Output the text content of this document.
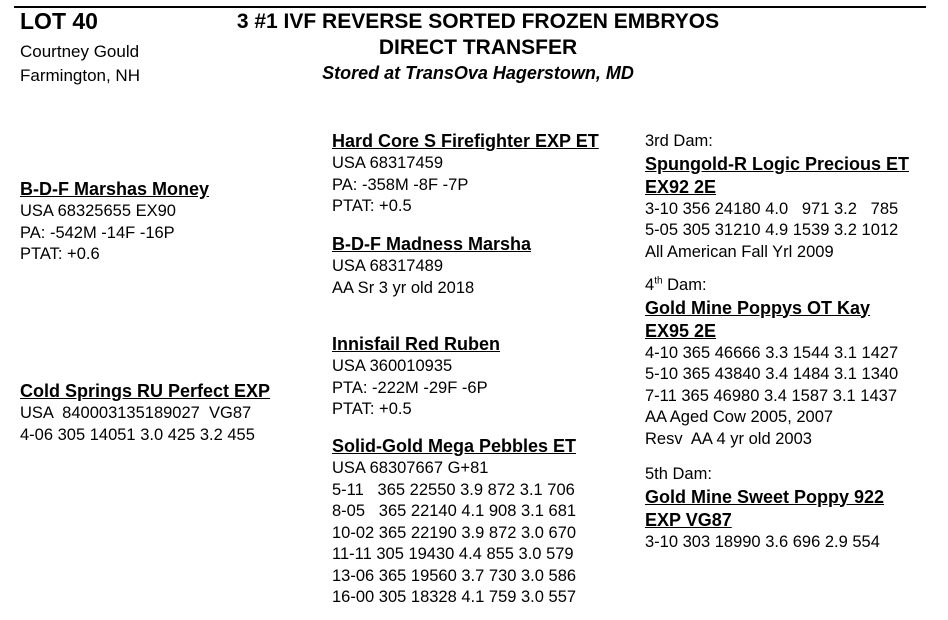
LOT 40
Courtney Gould
Farmington, NH
3 #1 IVF REVERSE SORTED FROZEN EMBRYOS
DIRECT TRANSFER
Stored at TransOva Hagerstown, MD
B-D-F Marshas Money
USA 68325655 EX90
PA: -542M -14F -16P
PTAT: +0.6
Hard Core S Firefighter EXP ET
USA 68317459
PA: -358M -8F -7P
PTAT: +0.5
B-D-F Madness Marsha
USA 68317489
AA Sr 3 yr old 2018
Cold Springs RU Perfect EXP
USA  840003135189027  VG87
4-06 305 14051 3.0 425 3.2 455
Innisfail Red Ruben
USA 360010935
PTA: -222M -29F -6P
PTAT: +0.5
Solid-Gold Mega Pebbles ET
USA 68307667 G+81
5-11   365 22550 3.9 872 3.1 706
8-05   365 22140 4.1 908 3.1 681
10-02 365 22190 3.9 872 3.0 670
11-11 305 19430 4.4 855 3.0 579
13-06 365 19560 3.7 730 3.0 586
16-00 305 18328 4.1 759 3.0 557
3rd Dam:
Spungold-R Logic Precious ET
EX92 2E
3-10 356 24180 4.0   971 3.2   785
5-05 305 31210 4.9 1539 3.2 1012
All American Fall Yrl 2009
4th Dam:
Gold Mine Poppys OT Kay
EX95 2E
4-10 365 46666 3.3 1544 3.1 1427
5-10 365 43840 3.4 1484 3.1 1340
7-11 365 46980 3.4 1587 3.1 1437
AA Aged Cow 2005, 2007
Resv  AA 4 yr old 2003
5th Dam:
Gold Mine Sweet Poppy 922
EXP VG87
3-10 303 18990 3.6 696 2.9 554
